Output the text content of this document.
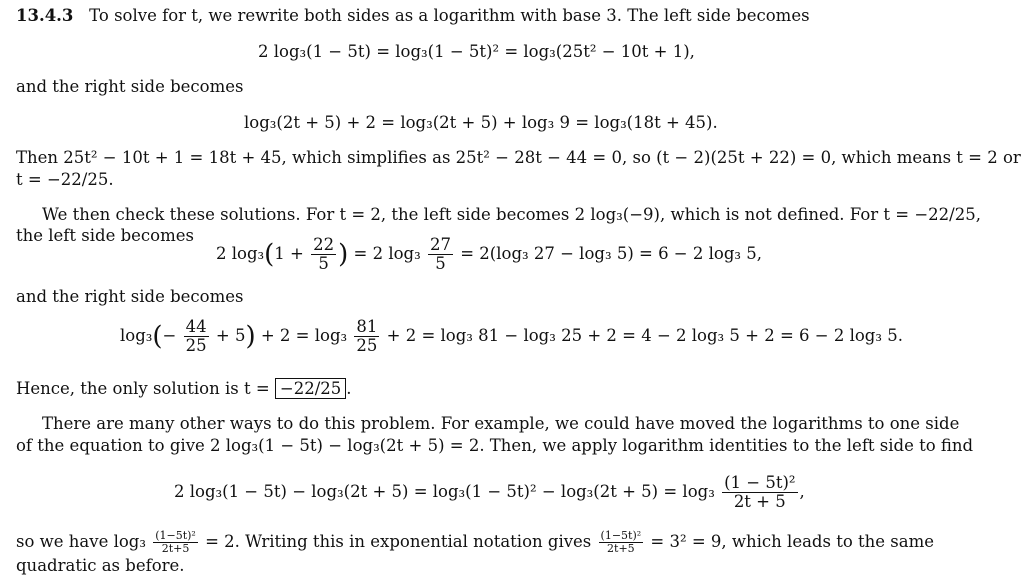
13.4.3 To solve for t, we rewrite both sides as a logarithm with base 3. The left side becomes
2 log₃(1 − 5t) = log₃(1 − 5t)² = log₃(25t² − 10t + 1),
and the right side becomes
log₃(2t + 5) + 2 = log₃(2t + 5) + log₃ 9 = log₃(18t + 45).
Then 25t² − 10t + 1 = 18t + 45, which simplifies as 25t² − 28t − 44 = 0, so (t − 2)(25t + 22) = 0, which means t = 2 or
t = −22/25.
We then check these solutions. For t = 2, the left side becomes 2 log₃(−9), which is not defined. For t = −22/25,
the left side becomes
2 $\log_3(1 + \frac{22}{5}$ ) = 2 $\log_3 \frac{27}{5} = 2(\log_3$ 27 − log₃ 5) = 6 − 2 log₃ 5,
and the right side becomes
$\log_3(- \frac{44}{25} + 5) + 2 = \log_3 \frac{81}{25} + 2 = \log_3$ 81 − log₃ 25 + 2 = 4 − 2 log₃ 5 + 2 = 6 − 2 log₃ 5.
Hence, the only solution is t = −22/25 .
There are many other ways to do this problem. For example, we could have moved the logarithms to one side
of the equation to give 2 log₃(1 − 5t) − log₃(2t + 5) = 2. Then, we apply logarithm identities to the left side to find
2 $\log_3(1 - 5t) - \log_3(2t + 5) = \log_3(1 - 5t)^2 - \log_3(2t + 5) = \log_3 \frac{\text{(1 − 5t)²}}{2t + 5}$ ,
so we have $\log_3 \frac{\text{(1−5t)²}}{2t+5} = 2$. Writing this in exponential notation gives $\frac{\text{(1−5t)²}}{2t+5} = 3^2 = 9$, which leads to the same
quadratic as before.
